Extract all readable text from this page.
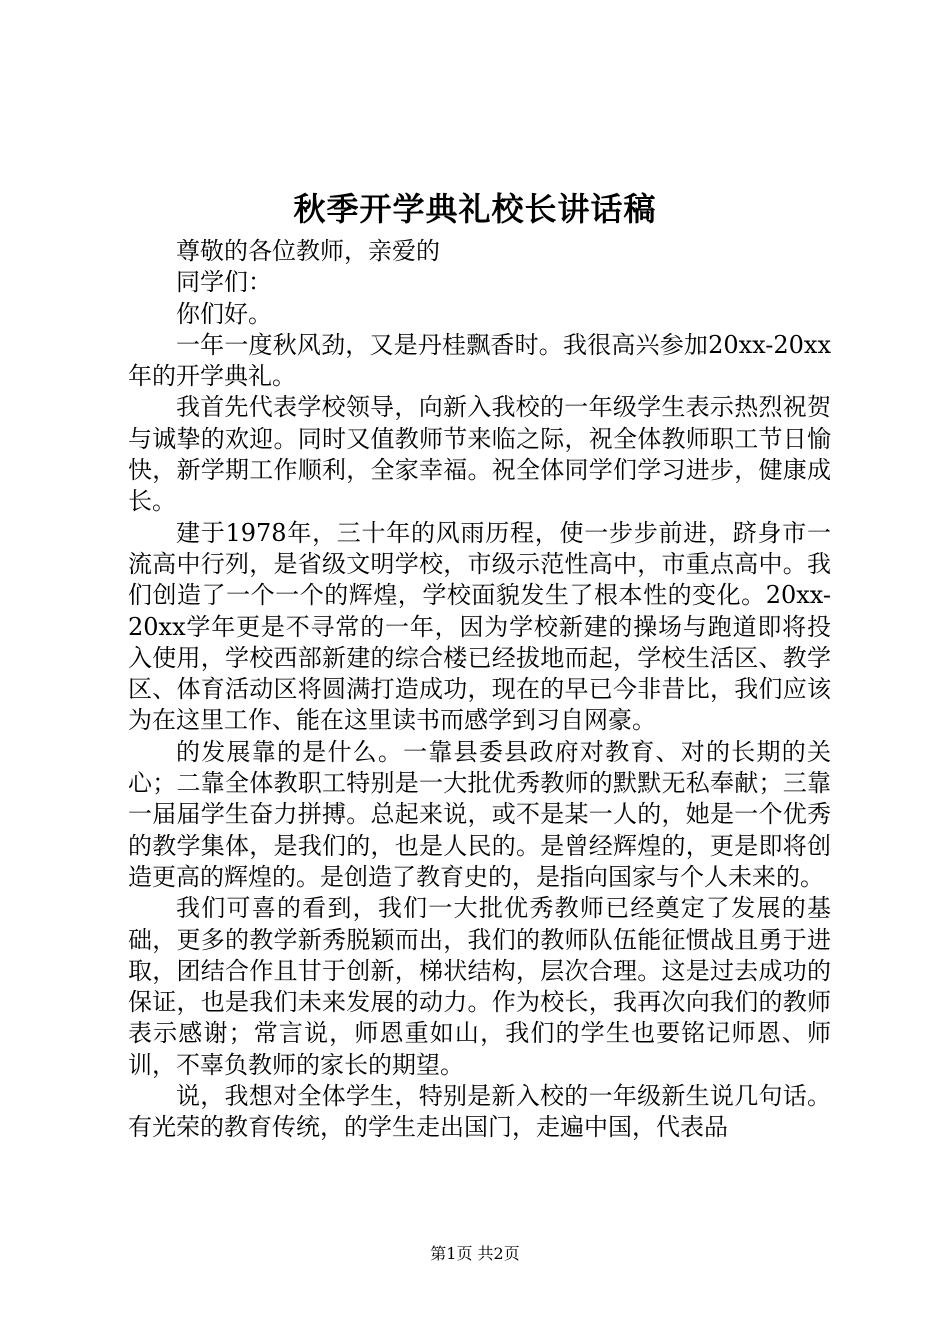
秋季开学典礼校长讲话稿

尊敬的各位教师，亲爱的

同学们：

你们好。

一年一度秋风劲，又是丹桂飘香时。我很高兴参加20xx-20xx年的开学典礼。

我首先代表学校领导，向新入我校的一年级学生表示热烈祝贺与诚挚的欢迎。同时又值教师节来临之际，祝全体教师职工节日愉快，新学期工作顺利，全家幸福。祝全体同学们学习进步，健康成长。

建于1978年，三十年的风雨历程，使一步步前进，跻身市一流高中行列，是省级文明学校，市级示范性高中，市重点高中。我们创造了一个一个的辉煌，学校面貌发生了根本性的变化。20xx-20xx学年更是不寻常的一年，因为学校新建的操场与跑道即将投入使用，学校西部新建的综合楼已经拔地而起，学校生活区、教学区、体育活动区将圆满打造成功，现在的早已今非昔比，我们应该为在这里工作、能在这里读书而感学到习自网豪。

的发展靠的是什么。一靠县委县政府对教育、对的长期的关心；二靠全体教职工特别是一大批优秀教师的默默无私奉献；三靠一届届学生奋力拼搏。总起来说，或不是某一人的，她是一个优秀的教学集体，是我们的，也是人民的。是曾经辉煌的，更是即将创造更高的辉煌的。是创造了教育史的，是指向国家与个人未来的。

我们可喜的看到，我们一大批优秀教师已经奠定了发展的基础，更多的教学新秀脱颖而出，我们的教师队伍能征惯战且勇于进取，团结合作且甘于创新，梯状结构，层次合理。这是过去成功的保证，也是我们未来发展的动力。作为校长，我再次向我们的教师表示感谢；常言说，师恩重如山，我们的学生也要铭记师恩、师训，不辜负教师的家长的期望。

说，我想对全体学生，特别是新入校的一年级新生说几句话。有光荣的教育传统，的学生走出国门，走遍中国，代表品

第1页 共2页
